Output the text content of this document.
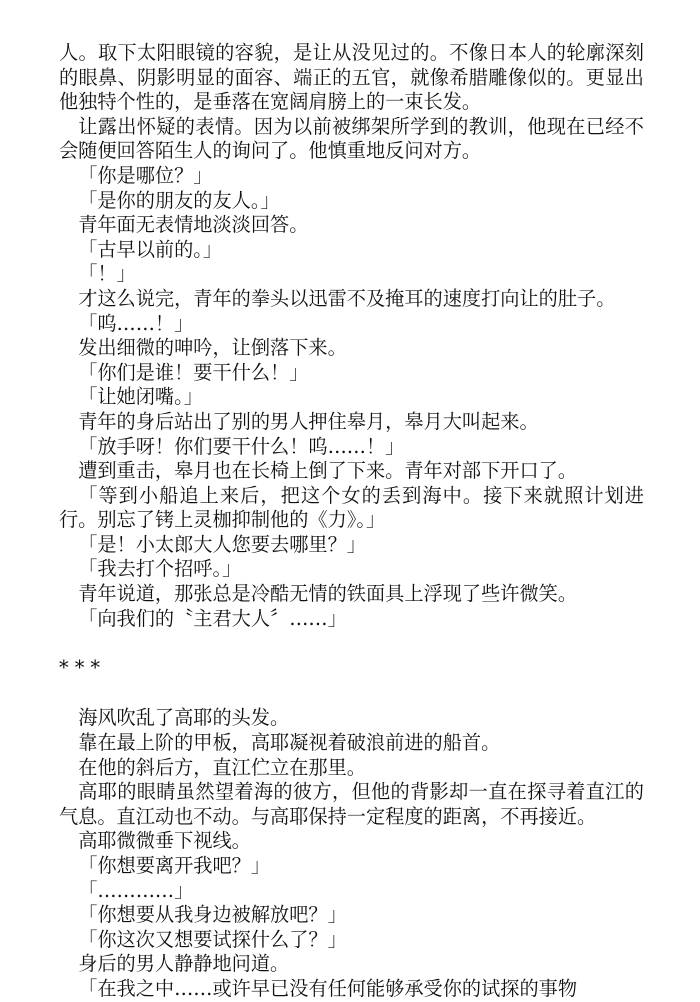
人。取下太阳眼镜的容貌，是让从没见过的。不像日本人的轮廓深刻的眼鼻、阴影明显的面容、端正的五官，就像希腊雕像似的。更显出他独特个性的，是垂落在宽阔肩膀上的一束长发。

让露出怀疑的表情。因为以前被绑架所学到的教训，他现在已经不会随便回答陌生人的询问了。他慎重地反问对方。

「你是哪位？」

「是你的朋友的友人。」

青年面无表情地淡淡回答。

「古早以前的。」

「！」

才这么说完，青年的拳头以迅雷不及掩耳的速度打向让的肚子。

「呜……！」

发出细微的呻吟，让倒落下来。

「你们是谁！要干什么！」

「让她闭嘴。」

青年的身后站出了别的男人押住皋月，皋月大叫起来。

「放手呀！你们要干什么！呜……！」

遭到重击，皋月也在长椅上倒了下来。青年对部下开口了。

「等到小船追上来后，把这个女的丢到海中。接下来就照计划进行。别忘了铐上灵枷抑制他的《力》。」

「是！小太郎大人您要去哪里？」

「我去打个招呼。」

青年说道，那张总是冷酷无情的铁面具上浮现了些许微笑。

「向我们的〝主君大人〞……」

* * *

海风吹乱了高耶的头发。

靠在最上阶的甲板，高耶凝视着破浪前进的船首。

在他的斜后方，直江伫立在那里。

高耶的眼睛虽然望着海的彼方，但他的背影却一直在探寻着直江的气息。直江动也不动。与高耶保持一定程度的距离，不再接近。

高耶微微垂下视线。

「你想要离开我吧？」

「…………」

「你想要从我身边被解放吧？」

「你这次又想要试探什么了？」

身后的男人静静地问道。

「在我之中……或许早已没有任何能够承受你的试探的事物
